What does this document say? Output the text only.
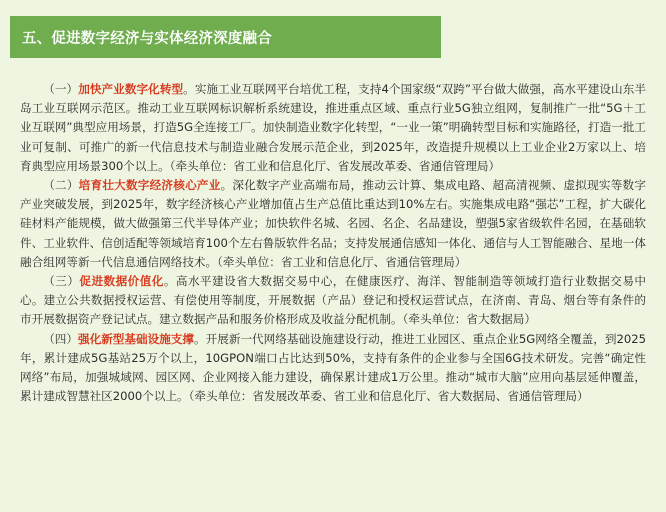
五、促进数字经济与实体经济深度融合

（一）加快产业数字化转型。实施工业互联网平台培优工程，支持4个国家级“双跨”平台做大做强，高水平建设山东半岛工业互联网示范区。推动工业互联网标识解析系统建设，推进重点区域、重点行业5G独立组网，复制推广一批“5G＋工业互联网”典型应用场景，打造5G全连接工厂。加快制造业数字化转型，“一业一策”明确转型目标和实施路径，打造一批工业可复制、可推广的新一代信息技术与制造业融合发展示范企业，到2025年，改造提升规模以上工业企业2万家以上、培育典型应用场景300个以上。（牵头单位：省工业和信息化厅、省发展改革委、省通信管理局）

（二）培育壮大数字经济核心产业。深化数字产业高端布局，推动云计算、集成电路、超高清视频、虚拟现实等数字产业突破发展，到2025年，数字经济核心产业增加值占生产总值比重达到10%左右。实施集成电路“强芯”工程，扩大碳化硅材料产能规模，做大做强第三代半导体产业；加快软件名城、名园、名企、名品建设，塑强5家省级软件名园，在基础软件、工业软件、信创适配等领域培育100个左右鲁版软件名品；支持发展通信感知一体化、通信与人工智能融合、星地一体融合组网等新一代信息通信网络技术。（牵头单位：省工业和信息化厅、省通信管理局）

（三）促进数据价值化。高水平建设省大数据交易中心，在健康医疗、海洋、智能制造等领域打造行业数据交易中心。建立公共数据授权运营、有偿使用等制度，开展数据（产品）登记和授权运营试点，在济南、青岛、烟台等有条件的市开展数据资产登记试点。建立数据产品和服务价格形成及收益分配机制。（牵头单位：省大数据局）

（四）强化新型基础设施支撑。开展新一代网络基础设施建设行动，推进工业园区、重点企业5G网络全覆盖，到2025年，累计建成5G基站25万个以上，10GPON端口占比达到50%，支持有条件的企业参与全国6G技术研发。完善“确定性网络”布局，加强城域网、园区网、企业网接入能力建设，确保累计建成1万公里。推动“城市大脑”应用向基层延伸覆盖，累计建成智慧社区2000个以上。（牵头单位：省发展改革委、省工业和信息化厅、省大数据局、省通信管理局）
